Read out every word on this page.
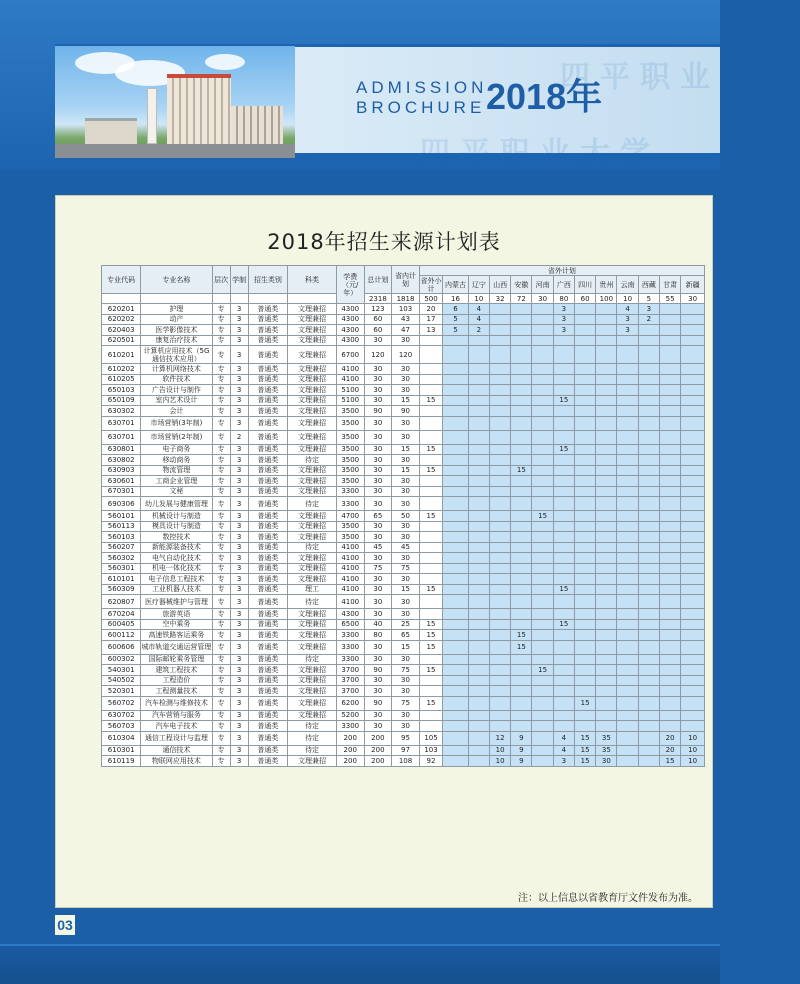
四平职业大学
四平职业大学
ADMISSION
BROCHURE 2018年
2018年招生来源计划表
专业代码	专业名称	层次	学制	招生类别	科类	学费（元/年）	总计划	省内计划	省外计划												
									省外小计	内蒙古	辽宁	山西	安徽	河南	广西	四川	贵州	云南	西藏	甘肃	新疆
							2318	1818	500	16	10	32	72	30	80	60	100	10	5	55	30
620201	护理	专	3	普通类	文理兼招	4300	123	103	20	6	4				3			4	3		
620202	动产	专	3	普通类	文理兼招	4300	60	43	17	5	4				3			3	2		
620403	医学影像技术	专	3	普通类	文理兼招	4300	60	47	13	5	2				3			3			
620501	康复治疗技术	专	3	普通类	文理兼招	4300	30	30													
610201	计算机应用技术（5G通信技术应用）	专	3	普通类	文理兼招	6700	120	120													
610202	计算机网络技术	专	3	普通类	文理兼招	4100	30	30													
610205	软件技术	专	3	普通类	文理兼招	4100	30	30													
650103	广告设计与制作	专	3	普通类	文理兼招	5100	30	30													
650109	室内艺术设计	专	3	普通类	文理兼招	5100	30	15	15						15						
630302	会计	专	3	普通类	文理兼招	3500	90	90													
630701	市场营销(3年制)	专	3	普通类	文理兼招	3500	30	30													
630701	市场营销(2年制)	专	2	普通类	文理兼招	3500	30	30													
630801	电子商务	专	3	普通类	文理兼招	3500	30	15	15						15						
630802	移动商务	专	3	普通类	待定	3500	30	30													
630903	物流管理	专	3	普通类	文理兼招	3500	30	15	15				15								
630601	工商企业管理	专	3	普通类	文理兼招	3500	30	30													
670301	文秘	专	3	普通类	文理兼招	3300	30	30													
690306	幼儿发展与健康管理	专	3	普通类	待定	3300	30	30													
560101	机械设计与制造	专	3	普通类	文理兼招	4700	65	50	15					15							
560113	模具设计与制造	专	3	普通类	文理兼招	3500	30	30													
560103	数控技术	专	3	普通类	文理兼招	3500	30	30													
560207	新能源装备技术	专	3	普通类	待定	4100	45	45													
560302	电气自动化技术	专	3	普通类	文理兼招	4100	30	30													
560301	机电一体化技术	专	3	普通类	文理兼招	4100	75	75													
610101	电子信息工程技术	专	3	普通类	文理兼招	4100	30	30													
560309	工业机器人技术	专	3	普通类	理工	4100	30	15	15						15						
620807	医疗器械维护与管理	专	3	普通类	待定	4100	30	30													
670204	旅游英语	专	3	普通类	文理兼招	4300	30	30													
600405	空中乘务	专	3	普通类	文理兼招	6500	40	25	15						15						
600112	高速铁路客运乘务	专	3	普通类	文理兼招	3300	80	65	15				15								
600606	城市轨道交通运营管理	专	3	普通类	文理兼招	3300	30	15	15				15								
600302	国际邮轮乘务管理	专	3	普通类	待定	3300	30	30													
540301	建筑工程技术	专	3	普通类	文理兼招	3700	90	75	15					15							
540502	工程造价	专	3	普通类	文理兼招	3700	30	30													
520301	工程测量技术	专	3	普通类	文理兼招	3700	30	30													
560702	汽车检测与维修技术	专	3	普通类	文理兼招	6200	90	75	15							15					
630702	汽车营销与服务	专	3	普通类	文理兼招	5200	30	30													
560703	汽车电子技术	专	3	普通类	待定	3300	30	30													
610304	通信工程设计与监理	专	3	普通类	待定	200	200	95	105			12	9		4	15	35			20	10
610301	通信技术	专	3	普通类	待定	200	200	97	103			10	9		4	15	35			20	10
610119	物联网应用技术	专	3	普通类	文理兼招	200	200	108	92			10	9		3	15	30			15	10
注：以上信息以省教育厅文件发布为准。
03
